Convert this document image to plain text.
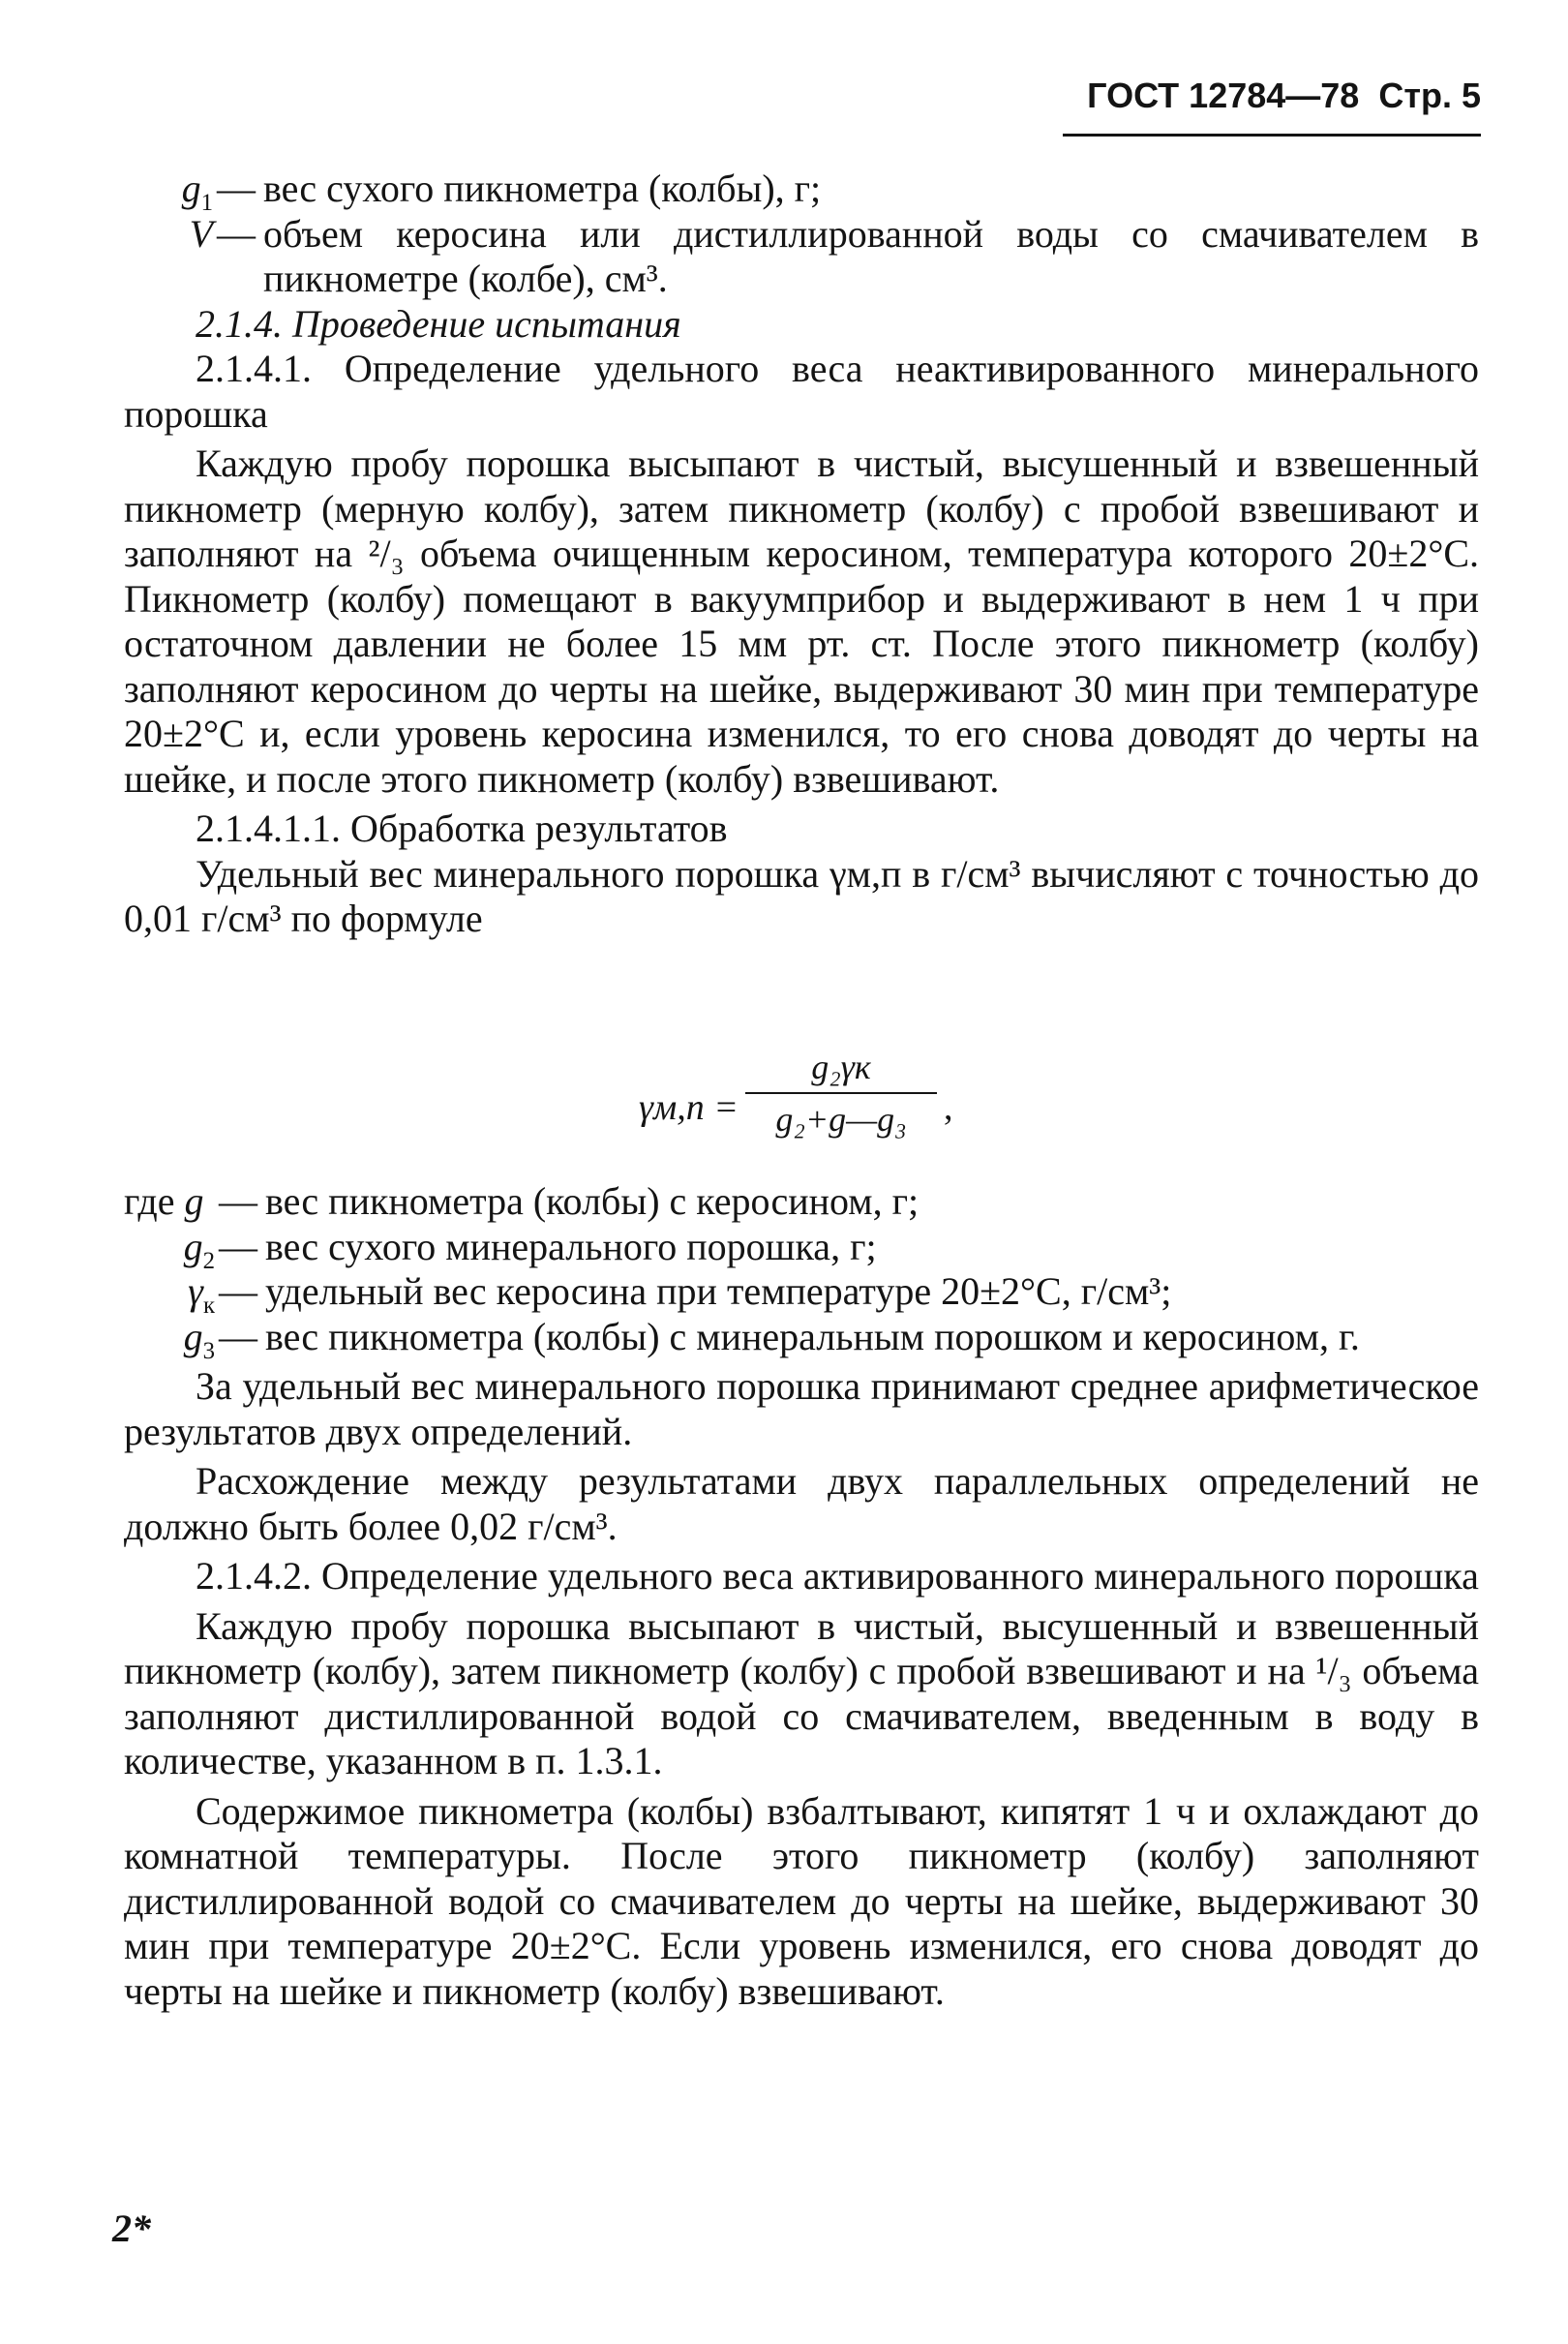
ГОСТ 12784—78 Стр. 5
$g_1$ — вес сухого пикнометра (колбы), г;
V — объем керосина или дистиллированной воды со смачивателем в пикнометре (колбе), см³.

2.1.4. Проведение испытания

2.1.4.1. Определение удельного веса неактивированного минерального порошка

Каждую пробу порошка высыпают в чистый, высушенный и взвешенный пикнометр (мерную колбу), затем пикнометр (колбу) с пробой взвешивают и заполняют на ²/₃ объема очищенным керосином, температура которого 20±2°С. Пикнометр (колбу) помещают в вакуумприбор и выдерживают в нем 1 ч при остаточном давлении не более 15 мм рт. ст. После этого пикнометр (колбу) заполняют керосином до черты на шейке, выдерживают 30 мин при температуре 20±2°С и, если уровень керосина изменился, то его снова доводят до черты на шейке, и после этого пикнометр (колбу) взвешивают.

2.1.4.1.1. Обработка результатов

Удельный вес минерального порошка γм,п в г/см³ вычисляют с точностью до 0,01 г/см³ по формуле

γм,п =
g₂γк
g₂+g—g₃	,
где g — вес пикнометра (колбы) с керосином, г;
$g_2$ — вес сухого минерального порошка, г;
$\gamma_к$ — удельный вес керосина при температуре 20±2°С, г/см³;
$g_3$ — вес пикнометра (колбы) с минеральным порошком и керосином, г.

За удельный вес минерального порошка принимают среднее арифметическое результатов двух определений.

Расхождение между результатами двух параллельных определений не должно быть более 0,02 г/см³.

2.1.4.2. Определение удельного веса активированного минерального порошка

Каждую пробу порошка высыпают в чистый, высушенный и взвешенный пикнометр (колбу), затем пикнометр (колбу) с пробой взвешивают и на ¹/₃ объема заполняют дистиллированной водой со смачивателем, введенным в воду в количестве, указанном в п. 1.3.1.

Содержимое пикнометра (колбы) взбалтывают, кипятят 1 ч и охлаждают до комнатной температуры. После этого пикнометр (колбу) заполняют дистиллированной водой со смачивателем до черты на шейке, выдерживают 30 мин при температуре 20±2°С. Если уровень изменился, его снова доводят до черты на шейке и пикнометр (колбу) взвешивают.

2*
